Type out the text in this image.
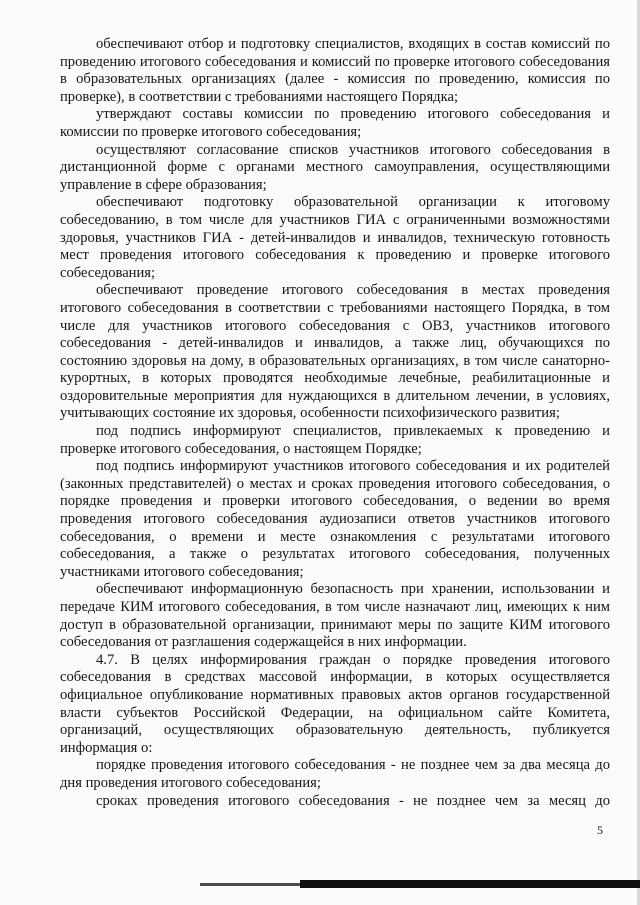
обеспечивают отбор и подготовку специалистов, входящих в состав комиссий по проведению итогового собеседования и комиссий по проверке итогового собеседования в образовательных организациях (далее - комиссия по проведению, комиссия по проверке), в соответствии с требованиями настоящего Порядка;

утверждают составы комиссии по проведению итогового собеседования и комиссии по проверке итогового собеседования;

осуществляют согласование списков участников итогового собеседования в дистанционной форме с органами местного самоуправления, осуществляющими управление в сфере образования;

обеспечивают подготовку образовательной организации к итоговому собеседованию, в том числе для участников ГИА с ограниченными возможностями здоровья, участников ГИА - детей-инвалидов и инвалидов, техническую готовность мест проведения итогового собеседования к проведению и проверке итогового собеседования;

обеспечивают проведение итогового собеседования в местах проведения итогового собеседования в соответствии с требованиями настоящего Порядка, в том числе для участников итогового собеседования с ОВЗ, участников итогового собеседования - детей-инвалидов и инвалидов, а также лиц, обучающихся по состоянию здоровья на дому, в образовательных организациях, в том числе санаторно-курортных, в которых проводятся необходимые лечебные, реабилитационные и оздоровительные мероприятия для нуждающихся в длительном лечении, в условиях, учитывающих состояние их здоровья, особенности психофизического развития;

под подпись информируют специалистов, привлекаемых к проведению и проверке итогового собеседования, о настоящем Порядке;

под подпись информируют участников итогового собеседования и их родителей (законных представителей) о местах и сроках проведения итогового собеседования, о порядке проведения и проверки итогового собеседования, о ведении во время проведения итогового собеседования аудиозаписи ответов участников итогового собеседования, о времени и месте ознакомления с результатами итогового собеседования, а также о результатах итогового собеседования, полученных участниками итогового собеседования;

обеспечивают информационную безопасность при хранении, использовании и передаче КИМ итогового собеседования, в том числе назначают лиц, имеющих к ним доступ в образовательной организации, принимают меры по защите КИМ итогового собеседования от разглашения содержащейся в них информации.

4.7. В целях информирования граждан о порядке проведения итогового собеседования в средствах массовой информации, в которых осуществляется официальное опубликование нормативных правовых актов органов государственной власти субъектов Российской Федерации, на официальном сайте Комитета, организаций, осуществляющих образовательную деятельность, публикуется информация о:

порядке проведения итогового собеседования - не позднее чем за два месяца до дня проведения итогового собеседования;

сроках проведения итогового собеседования - не позднее чем за месяц до

5
